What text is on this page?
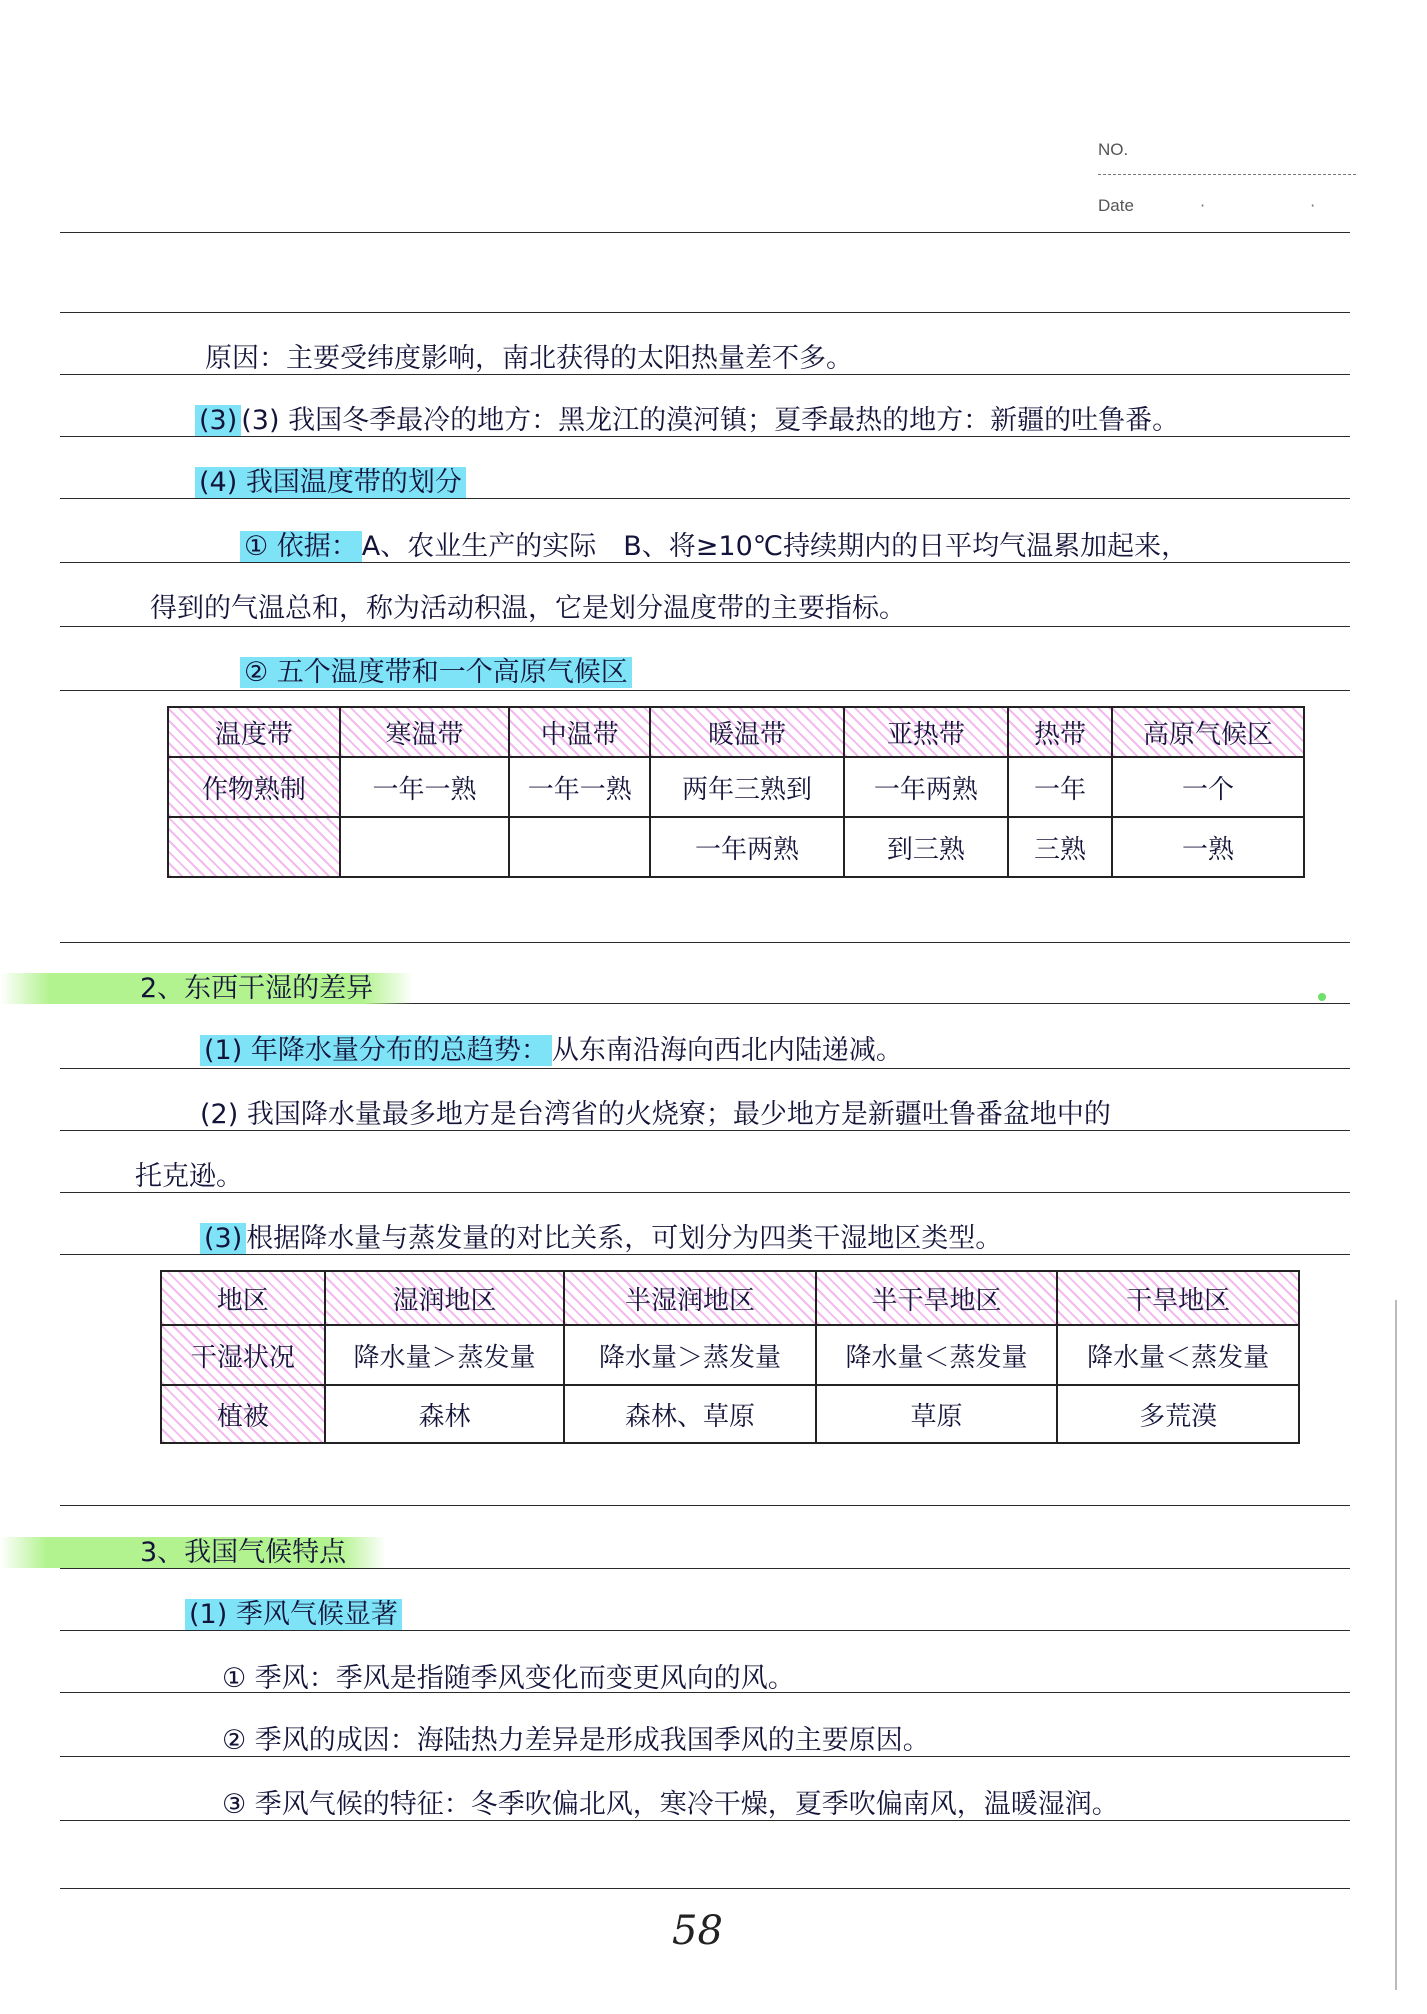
NO.
Date	· ·
原因：主要受纬度影响，南北获得的太阳热量差不多。
(3) (3) 我国冬季最冷的地方：黑龙江的漠河镇；夏季最热的地方：新疆的吐鲁番。
(4) 我国温度带的划分
① 依据： A、农业生产的实际　B、将≥10℃持续期内的日平均气温累加起来，
得到的气温总和，称为活动积温，它是划分温度带的主要指标。
② 五个温度带和一个高原气候区
温度带	寒温带	中温带	暖温带	亚热带	热带	高原气候区
作物熟制	一年一熟	一年一熟	两年三熟到	一年两熟	一年	一个
			一年两熟	到三熟	三熟	一熟
2、东西干湿的差异
(1) 年降水量分布的总趋势： 从东南沿海向西北内陆递减。
(2) 我国降水量最多地方是台湾省的火烧寮；最少地方是新疆吐鲁番盆地中的
托克逊。
(3) 根据降水量与蒸发量的对比关系，可划分为四类干湿地区类型。
地区	湿润地区	半湿润地区	半干旱地区	干旱地区
干湿状况	降水量＞蒸发量	降水量＞蒸发量	降水量＜蒸发量	降水量＜蒸发量
植被	森林	森林、草原	草原	多荒漠
3、我国气候特点
(1) 季风气候显著
① 季风：季风是指随季风变化而变更风向的风。
② 季风的成因：海陆热力差异是形成我国季风的主要原因。
③ 季风气候的特征：冬季吹偏北风，寒冷干燥，夏季吹偏南风，温暖湿润。
58
